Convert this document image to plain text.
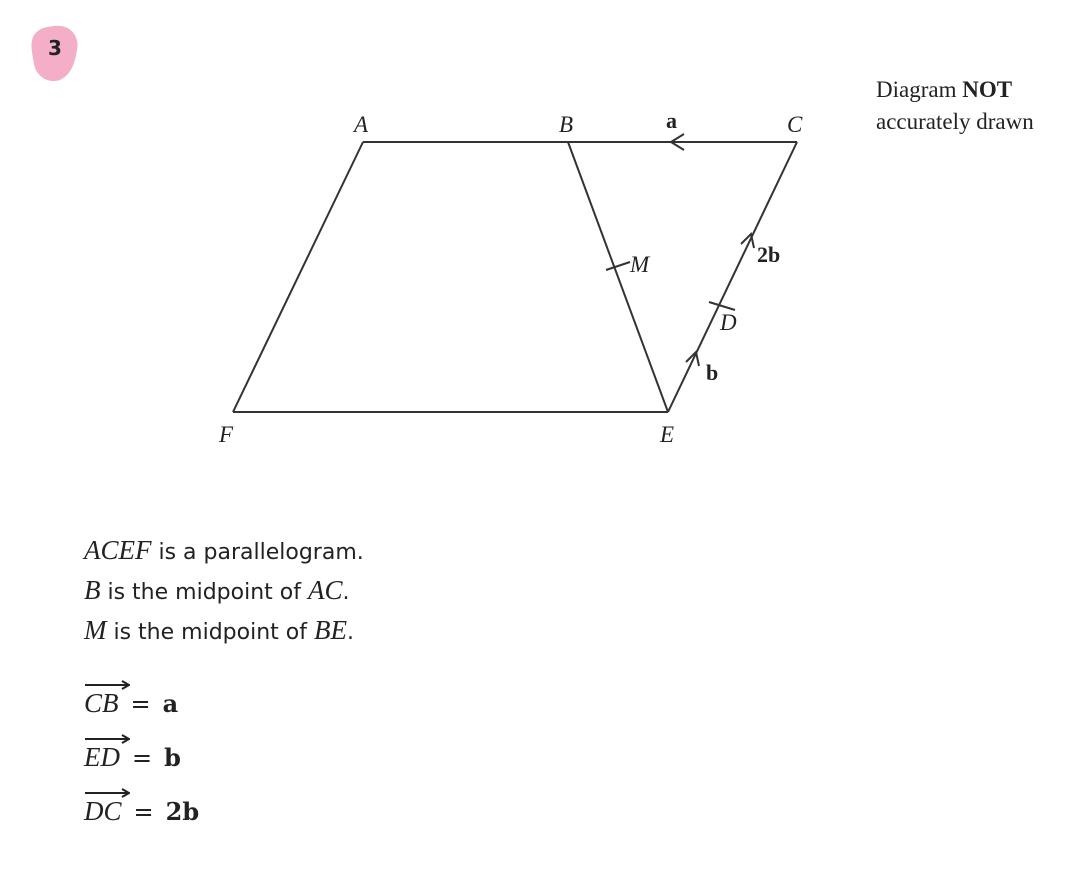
3
Diagram NOT
accurately drawn
A	B	C
D
E
F
M
a
2b
b
ACEF is a parallelogram.
B is the midpoint of AC.
M is the midpoint of BE.
CB = a
ED = b
DC = 2b
